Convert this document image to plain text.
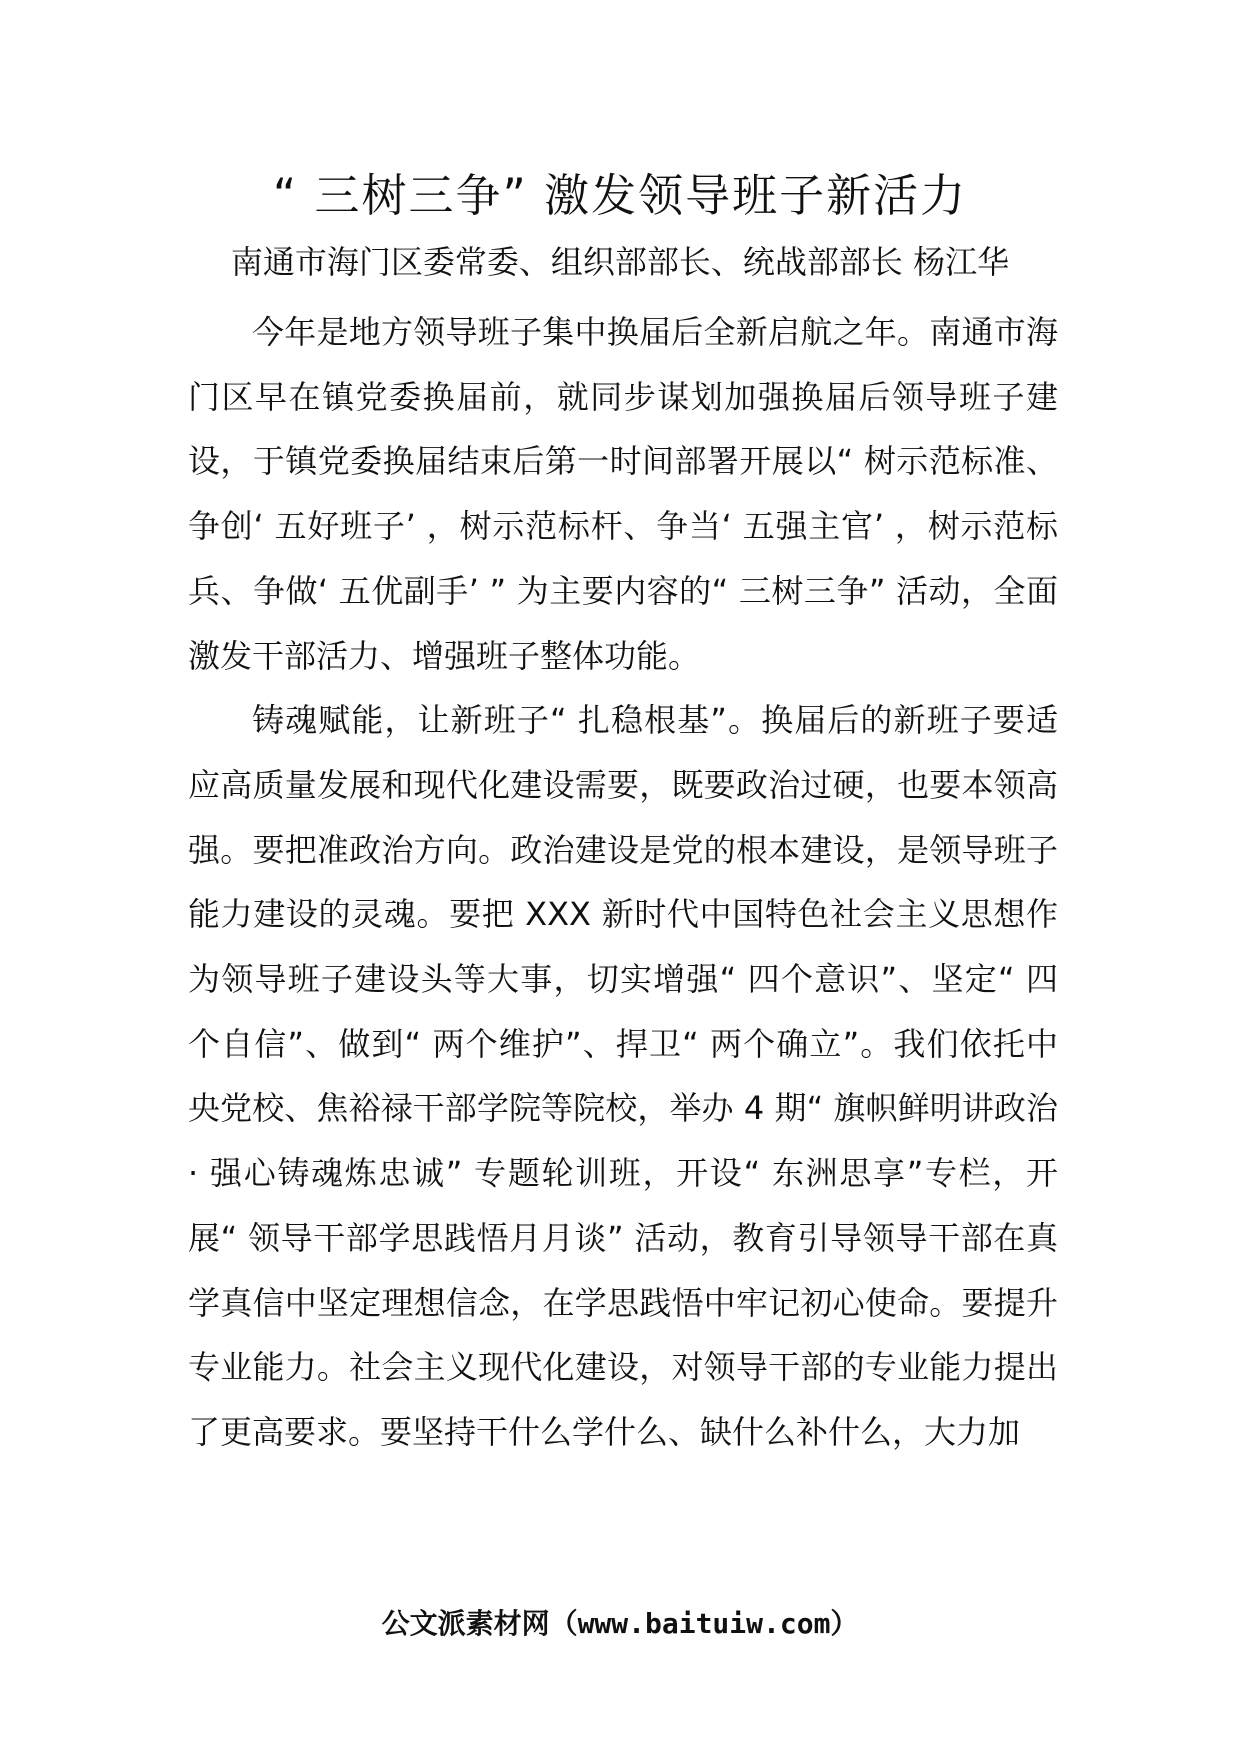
“ 三树三争” 激发领导班子新活力

南通市海门区委常委、组织部部长、统战部部长 杨江华

今年是地方领导班子集中换届后全新启航之年。南通市海门区早在镇党委换届前，就同步谋划加强换届后领导班子建设，于镇党委换届结束后第一时间部署开展以“ 树示范标准、争创‘ 五好班子’ ，树示范标杆、争当‘ 五强主官’ ，树示范标兵、争做‘ 五优副手’ ” 为主要内容的“ 三树三争” 活动，全面激发干部活力、增强班子整体功能。

铸魂赋能，让新班子“ 扎稳根基”。换届后的新班子要适应高质量发展和现代化建设需要，既要政治过硬，也要本领高强。要把准政治方向。政治建设是党的根本建设，是领导班子能力建设的灵魂。要把 XXX 新时代中国特色社会主义思想作为领导班子建设头等大事，切实增强“ 四个意识”、坚定“ 四个自信”、做到“ 两个维护”、捍卫“ 两个确立”。我们依托中央党校、焦裕禄干部学院等院校，举办 4 期“ 旗帜鲜明讲政治· 强心铸魂炼忠诚” 专题轮训班，开设“ 东洲思享”专栏，开展“ 领导干部学思践悟月月谈” 活动，教育引导领导干部在真学真信中坚定理想信念，在学思践悟中牢记初心使命。要提升专业能力。社会主义现代化建设，对领导干部的专业能力提出了更高要求。要坚持干什么学什么、缺什么补什么，大力加

公文派素材网（www.baituiw.com）
